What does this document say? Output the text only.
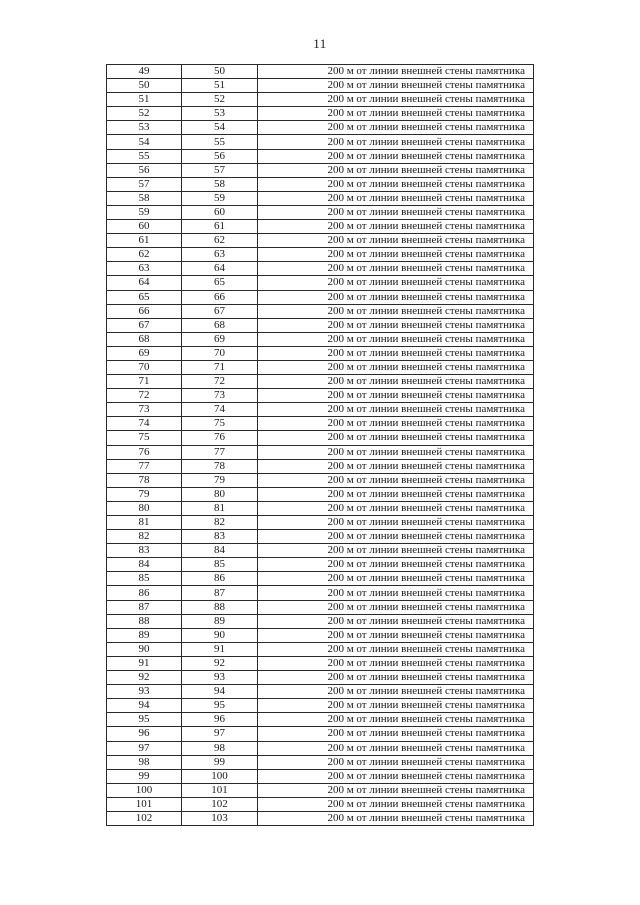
11
49	50	200 м от линии внешней стены памятника
50	51	200 м от линии внешней стены памятника
51	52	200 м от линии внешней стены памятника
52	53	200 м от линии внешней стены памятника
53	54	200 м от линии внешней стены памятника
54	55	200 м от линии внешней стены памятника
55	56	200 м от линии внешней стены памятника
56	57	200 м от линии внешней стены памятника
57	58	200 м от линии внешней стены памятника
58	59	200 м от линии внешней стены памятника
59	60	200 м от линии внешней стены памятника
60	61	200 м от линии внешней стены памятника
61	62	200 м от линии внешней стены памятника
62	63	200 м от линии внешней стены памятника
63	64	200 м от линии внешней стены памятника
64	65	200 м от линии внешней стены памятника
65	66	200 м от линии внешней стены памятника
66	67	200 м от линии внешней стены памятника
67	68	200 м от линии внешней стены памятника
68	69	200 м от линии внешней стены памятника
69	70	200 м от линии внешней стены памятника
70	71	200 м от линии внешней стены памятника
71	72	200 м от линии внешней стены памятника
72	73	200 м от линии внешней стены памятника
73	74	200 м от линии внешней стены памятника
74	75	200 м от линии внешней стены памятника
75	76	200 м от линии внешней стены памятника
76	77	200 м от линии внешней стены памятника
77	78	200 м от линии внешней стены памятника
78	79	200 м от линии внешней стены памятника
79	80	200 м от линии внешней стены памятника
80	81	200 м от линии внешней стены памятника
81	82	200 м от линии внешней стены памятника
82	83	200 м от линии внешней стены памятника
83	84	200 м от линии внешней стены памятника
84	85	200 м от линии внешней стены памятника
85	86	200 м от линии внешней стены памятника
86	87	200 м от линии внешней стены памятника
87	88	200 м от линии внешней стены памятника
88	89	200 м от линии внешней стены памятника
89	90	200 м от линии внешней стены памятника
90	91	200 м от линии внешней стены памятника
91	92	200 м от линии внешней стены памятника
92	93	200 м от линии внешней стены памятника
93	94	200 м от линии внешней стены памятника
94	95	200 м от линии внешней стены памятника
95	96	200 м от линии внешней стены памятника
96	97	200 м от линии внешней стены памятника
97	98	200 м от линии внешней стены памятника
98	99	200 м от линии внешней стены памятника
99	100	200 м от линии внешней стены памятника
100	101	200 м от линии внешней стены памятника
101	102	200 м от линии внешней стены памятника
102	103	200 м от линии внешней стены памятника
